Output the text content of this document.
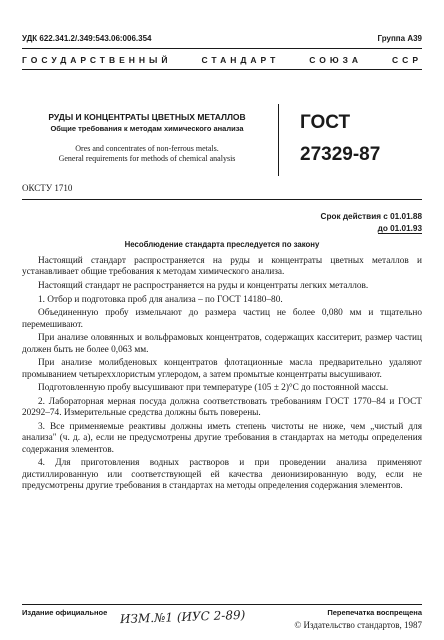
УДК 622.341.2/.349:543.06:006.354	Группа А39
ГОСУДАРСТВЕННЫЙ	СТАНДАРТ	СОЮЗА	ССР
РУДЫ И КОНЦЕНТРАТЫ ЦВЕТНЫХ МЕТАЛЛОВ
Общие требования к методам химического анализа
Ores and concentrates of non-ferrous metals.
General requirements for methods of chemical analysis
ГОСТ
27329-87
ОКСТУ 1710
Срок действия с 01.01.88
до 01.01.93
Несоблюдение стандарта преследуется по закону

Настоящий стандарт распространяется на руды и концентраты цветных металлов и устанавливает общие требования к методам химического анализа.

Настоящий стандарт не распространяется на руды и концентраты легких металлов.

1. Отбор и подготовка проб для анализа – по ГОСТ 14180–80.

Объединенную пробу измельчают до размера частиц не более 0,080 мм и тщательно перемешивают.

При анализе оловянных и вольфрамовых концентратов, содержащих касситерит, размер частиц должен быть не более 0,063 мм.

При анализе молибденовых концентратов флотационные масла предварительно удаляют промыванием четыреххлористым углеродом, а затем промытые концентраты высушивают.

Подготовленную пробу высушивают при температуре (105 ± 2)°С до постоянной массы.

2. Лабораторная мерная посуда должна соответствовать требованиям ГОСТ 1770–84 и ГОСТ 20292–74. Измерительные средства должны быть поверены.

3. Все применяемые реактивы должны иметь степень чистоты не ниже, чем „чистый для анализа" (ч. д. а), если не предусмотрены другие требования в стандартах на методы определения содержания элементов.

4. Для приготовления водных растворов и при проведении анализа применяют дистиллированную или соответствующей ей качества деионизированную воду, если не предусмотрены другие требования в стандартах на методы определения содержания элементов.

Издание официальное ИЗМ.№1 (ИУС 2-89)	Перепечатка воспрещена
© Издательство стандартов, 1987
